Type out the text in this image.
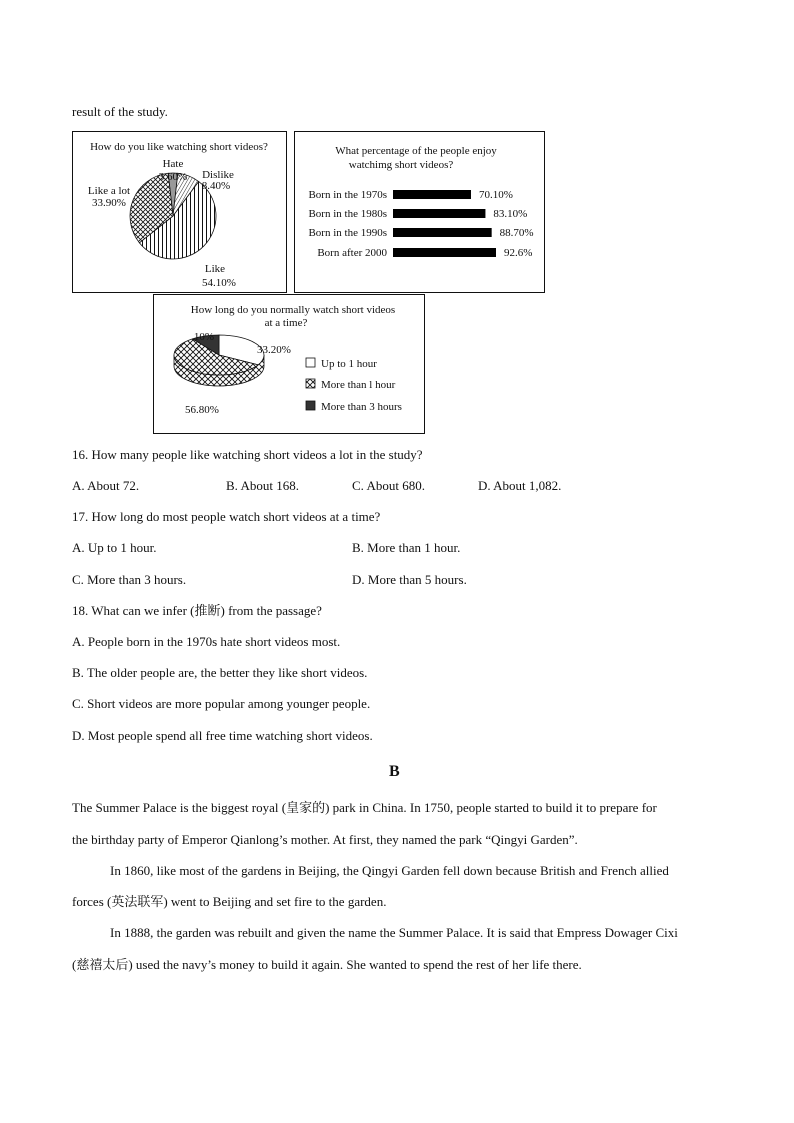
result of the study.
How do you like watching short videos?
Hate
3.60% Dislike
8.40%
Like a lot
33.90%
Like
54.10%
What percentage of the people enjoy
watchimg short videos?
Born in the 1970s	70.10%
Born in the 1980s	83.10%
Born in the 1990s	88.70%
Born after 2000	92.6%
How long do you normally watch short videos
at a time?
10%
33.20%
56.80%
Up to 1 hour
More than l hour
More than 3 hours
16. How many people like watching short videos a lot in the study?
A. About 72.	B. About 168.	C. About 680.	D. About 1,082.
17. How long do most people watch short videos at a time?
A. Up to 1 hour.	B. More than 1 hour.
C. More than 3 hours.	D. More than 5 hours.
18. What can we infer (推断) from the passage?
A. People born in the 1970s hate short videos most.
B. The older people are, the better they like short videos.
C. Short videos are more popular among younger people.
D. Most people spend all free time watching short videos.
B
The Summer Palace is the biggest royal (皇家的) park in China. In 1750, people started to build it to prepare for
the birthday party of Emperor Qianlong’s mother. At first, they named the park “Qingyi Garden”.
In 1860, like most of the gardens in Beijing, the Qingyi Garden fell down because British and French allied
forces (英法联军) went to Beijing and set fire to the garden.
In 1888, the garden was rebuilt and given the name the Summer Palace. It is said that Empress Dowager Cixi
(慈禧太后) used the navy’s money to build it again. She wanted to spend the rest of her life there.
